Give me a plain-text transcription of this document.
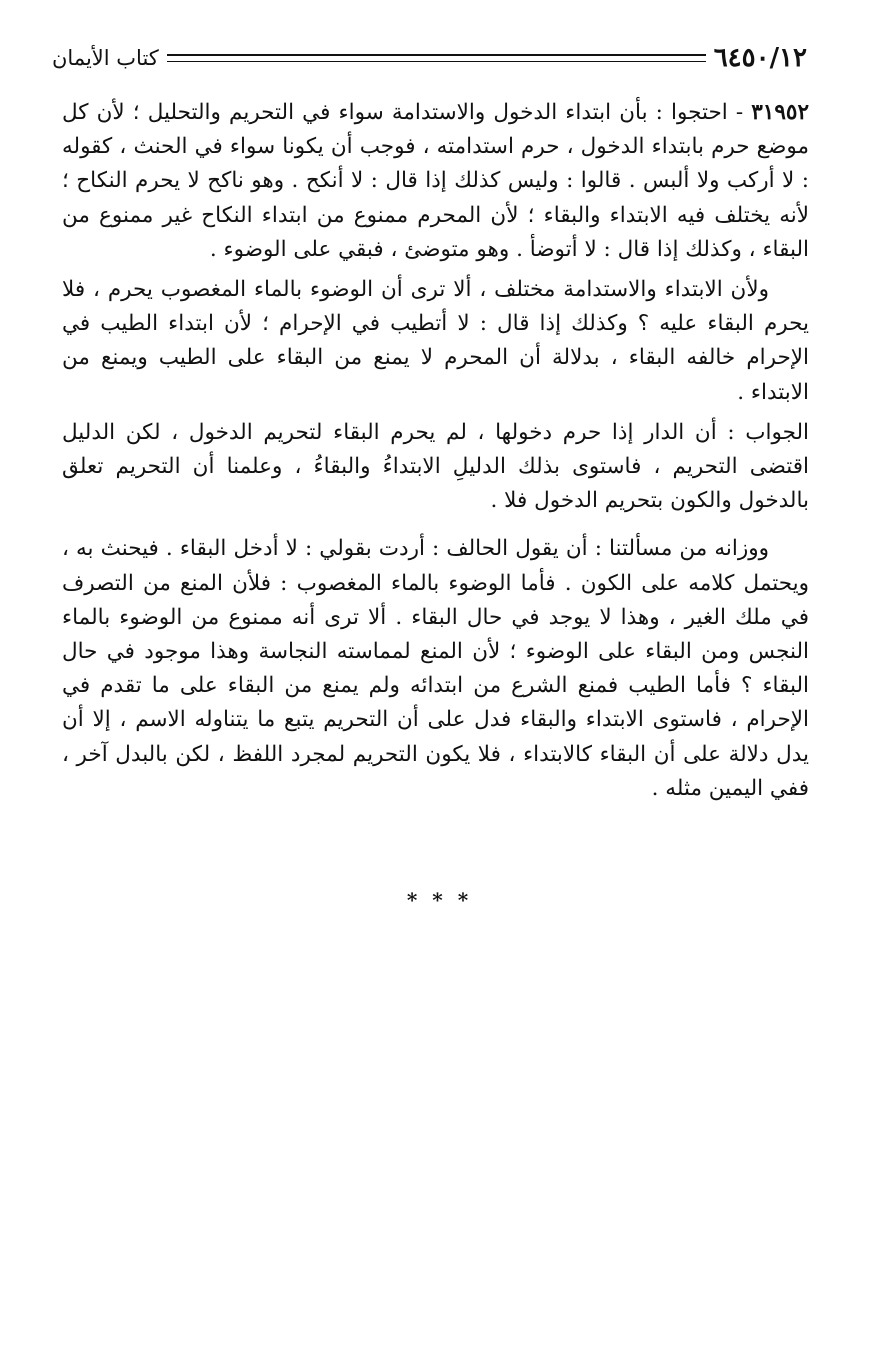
٦٤٥٠/١٢
كتاب الأيمان

٣١٩٥٢ - احتجوا : بأن ابتداء الدخول والاستدامة سواء في التحريم والتحليل ؛ لأن كل موضع حرم بابتداء الدخول ، حرم استدامته ، فوجب أن يكونا سواء في الحنث ، كقوله : لا أركب ولا ألبس . قالوا : وليس كذلك إذا قال : لا أنكح . وهو ناكح لا يحرم النكاح ؛ لأنه يختلف فيه الابتداء والبقاء ؛ لأن المحرم ممنوع من ابتداء النكاح غير ممنوع من البقاء ، وكذلك إذا قال : لا أتوضأ . وهو متوضئ ، فبقي على الوضوء .

ولأن الابتداء والاستدامة مختلف ، ألا ترى أن الوضوء بالماء المغصوب يحرم ، فلا يحرم البقاء عليه ؟ وكذلك إذا قال : لا أتطيب في الإحرام ؛ لأن ابتداء الطيب في الإحرام خالفه البقاء ، بدلالة أن المحرم لا يمنع من البقاء على الطيب ويمنع من الابتداء .

الجواب : أن الدار إذا حرم دخولها ، لم يحرم البقاء لتحريم الدخول ، لكن الدليل اقتضى التحريم ، فاستوى بذلك الدليلِ الابتداءُ والبقاءُ ، وعلمنا أن التحريم تعلق بالدخول والكون بتحريم الدخول فلا .

ووزانه من مسألتنا : أن يقول الحالف : أردت بقولي : لا أدخل البقاء . فيحنث به ، ويحتمل كلامه على الكون . فأما الوضوء بالماء المغصوب : فلأن المنع من التصرف في ملك الغير ، وهذا لا يوجد في حال البقاء . ألا ترى أنه ممنوع من الوضوء بالماء النجس ومن البقاء على الوضوء ؛ لأن المنع لمماسته النجاسة وهذا موجود في حال البقاء ؟ فأما الطيب فمنع الشرع من ابتدائه ولم يمنع من البقاء على ما تقدم في الإحرام ، فاستوى الابتداء والبقاء فدل على أن التحريم يتبع ما يتناوله الاسم ، إلا أن يدل دلالة على أن البقاء كالابتداء ، فلا يكون التحريم لمجرد اللفظ ، لكن بالبدل آخر ، ففي اليمين مثله .

* * *
